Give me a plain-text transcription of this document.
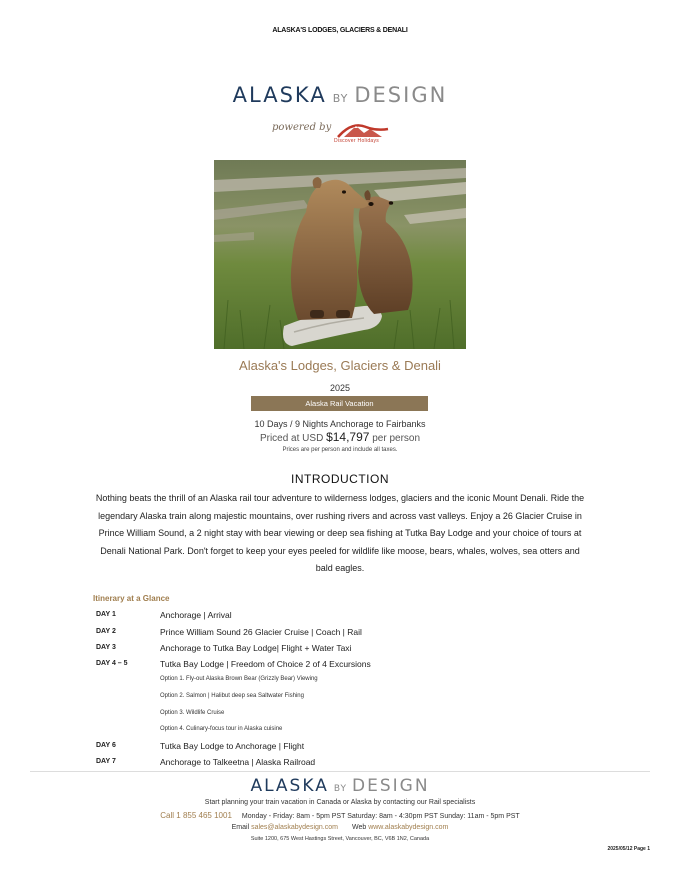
ALASKA'S LODGES, GLACIERS & DENALI
ALASKA BY DESIGN
powered by
Discover Holidays
Alaska's Lodges, Glaciers & Denali
2025
Alaska Rail Vacation
10 Days / 9 Nights Anchorage to Fairbanks
Priced at USD $14,797 per person
Prices are per person and include all taxes.
INTRODUCTION
Nothing beats the thrill of an Alaska rail tour adventure to wilderness lodges, glaciers and the iconic Mount Denali. Ride the legendary Alaska train along majestic mountains, over rushing rivers and across vast valleys. Enjoy a 26 Glacier Cruise in Prince William Sound, a 2 night stay with bear viewing or deep sea fishing at Tutka Bay Lodge and your choice of tours at Denali National Park. Don't forget to keep your eyes peeled for wildlife like moose, bears, whales, wolves, sea otters and bald eagles.
Itinerary at a Glance
DAY 1	Anchorage | Arrival
DAY 2	Prince William Sound 26 Glacier Cruise | Coach | Rail
DAY 3	Anchorage to Tutka Bay Lodge| Flight + Water Taxi
DAY 4 – 5	Tutka Bay Lodge | Freedom of Choice 2 of 4 Excursions
Option 1. Fly-out Alaska Brown Bear (Grizzly Bear) Viewing
Option 2. Salmon | Halibut deep sea Saltwater Fishing
Option 3. Wildlife Cruise
Option 4. Culinary-focus tour in Alaska cuisine
DAY 6	Tutka Bay Lodge to Anchorage | Flight
DAY 7	Anchorage to Talkeetna | Alaska Railroad
ALASKA BY DESIGN
Start planning your train vacation in Canada or Alaska by contacting our Rail specialists
Call 1 855 465 1001 Monday - Friday: 8am - 5pm PST Saturday: 8am - 4:30pm PST Sunday: 11am - 5pm PST
Email sales@alaskabydesign.com Web www.alaskabydesign.com
Suite 1200, 675 West Hastings Street, Vancouver, BC, V6B 1N2, Canada
2025/05/12 Page 1
